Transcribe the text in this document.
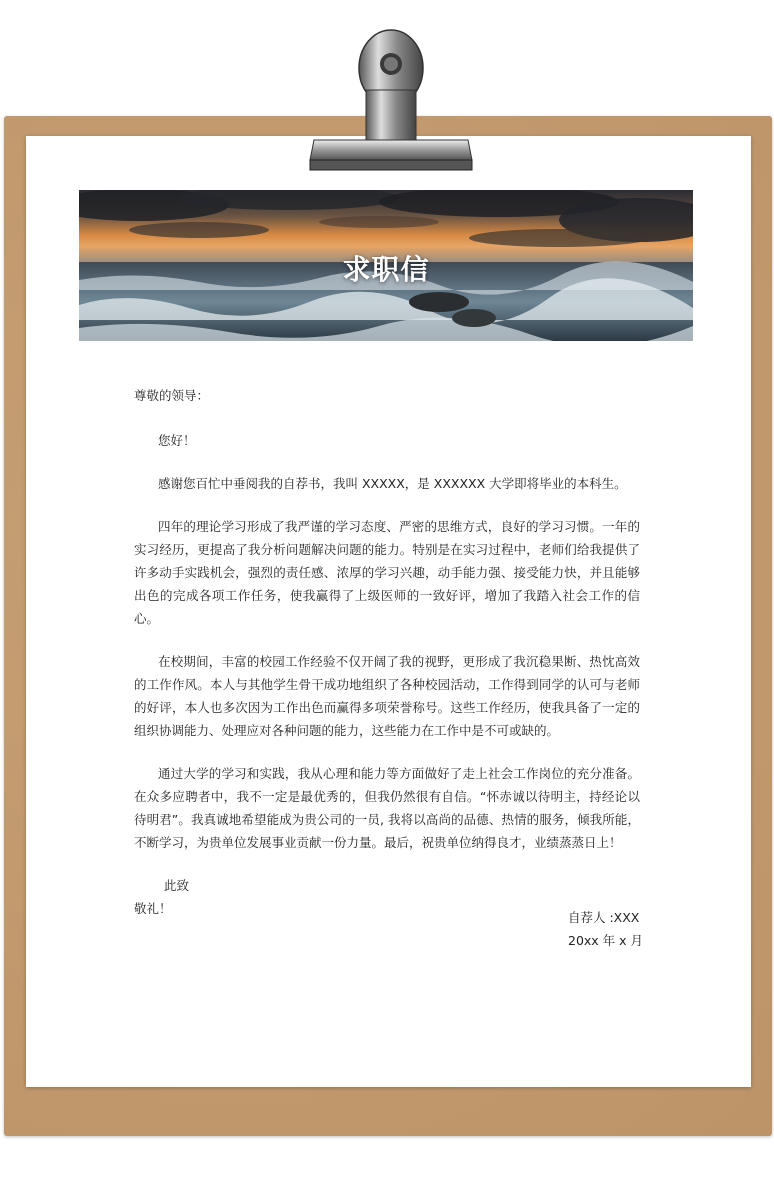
求职信

尊敬的领导：

您好！

感谢您百忙中垂阅我的自荐书，我叫 XXXXX，是 XXXXXX 大学即将毕业的本科生。

四年的理论学习形成了我严谨的学习态度、严密的思维方式，良好的学习习惯。一年的实习经历，更提高了我分析问题解决问题的能力。特别是在实习过程中，老师们给我提供了许多动手实践机会，强烈的责任感、浓厚的学习兴趣，动手能力强、接受能力快，并且能够出色的完成各项工作任务，使我赢得了上级医师的一致好评，增加了我踏入社会工作的信心。

在校期间，丰富的校园工作经验不仅开阔了我的视野，更形成了我沉稳果断、热忱高效的工作作风。本人与其他学生骨干成功地组织了各种校园活动，工作得到同学的认可与老师的好评，本人也多次因为工作出色而赢得多项荣誉称号。这些工作经历，使我具备了一定的组织协调能力、处理应对各种问题的能力，这些能力在工作中是不可或缺的。

通过大学的学习和实践，我从心理和能力等方面做好了走上社会工作岗位的充分准备。在众多应聘者中，我不一定是最优秀的，但我仍然很有自信。“怀赤诚以待明主，持经论以待明君”。我真诚地希望能成为贵公司的一员, 我将以高尚的品德、热情的服务，倾我所能，不断学习，为贵单位发展事业贡献一份力量。最后，祝贵单位纳得良才，业绩蒸蒸日上！

此致

敬礼！

自荐人 :XXX
20xx 年 x 月
